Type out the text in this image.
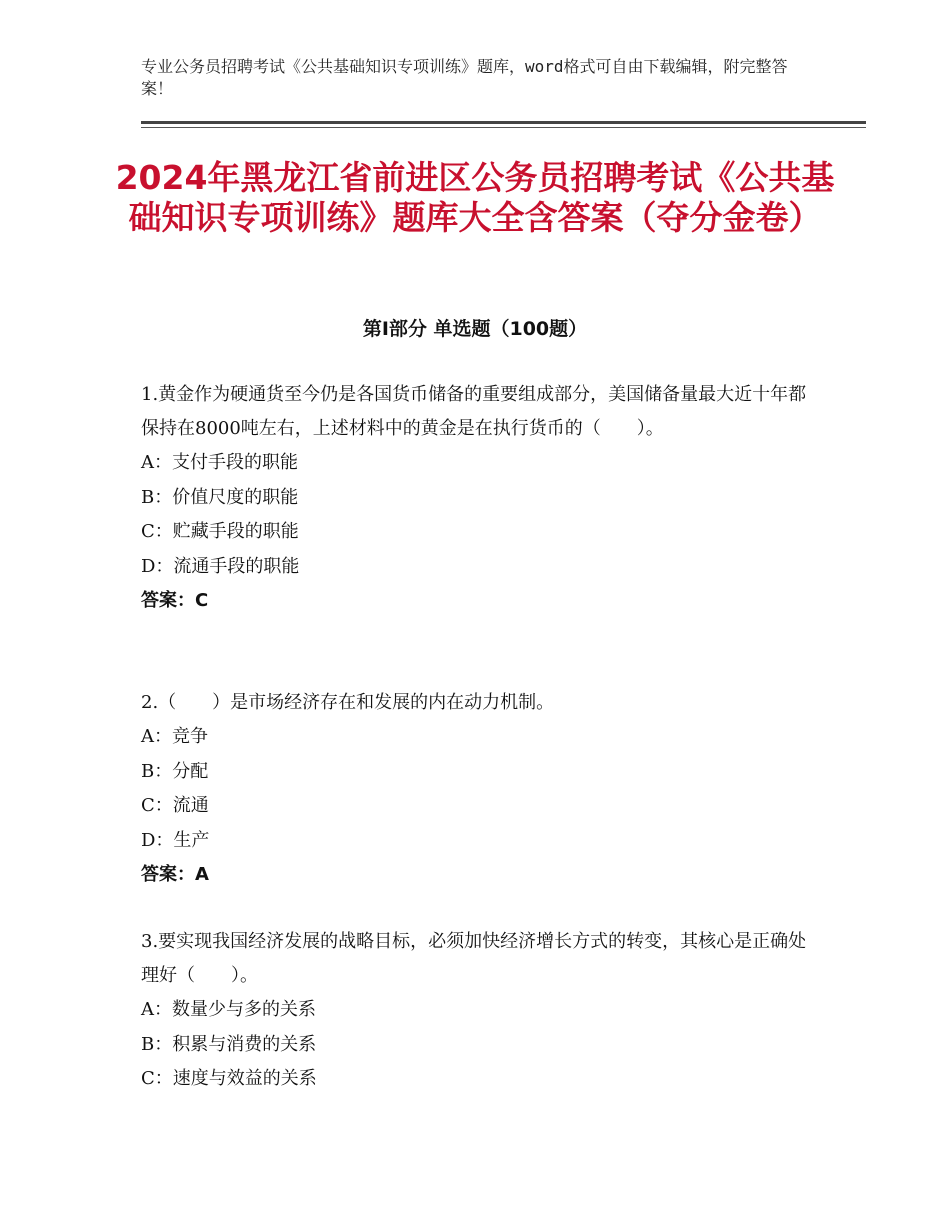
专业公务员招聘考试《公共基础知识专项训练》题库，word格式可自由下载编辑，附完整答案！
2024年黑龙江省前进区公务员招聘考试《公共基础知识专项训练》题库大全含答案（夺分金卷）
第Ⅰ部分 单选题（100题）
1.黄金作为硬通货至今仍是各国货币储备的重要组成部分，美国储备量最大近十年都保持在8000吨左右，上述材料中的黄金是在执行货币的（　　）。
A：支付手段的职能
B：价值尺度的职能
C：贮藏手段的职能
D：流通手段的职能
答案：C
2.（　　）是市场经济存在和发展的内在动力机制。
A：竞争
B：分配
C：流通
D：生产
答案：A
3.要实现我国经济发展的战略目标，必须加快经济增长方式的转变，其核心是正确处理好（　　）。
A：数量少与多的关系
B：积累与消费的关系
C：速度与效益的关系
